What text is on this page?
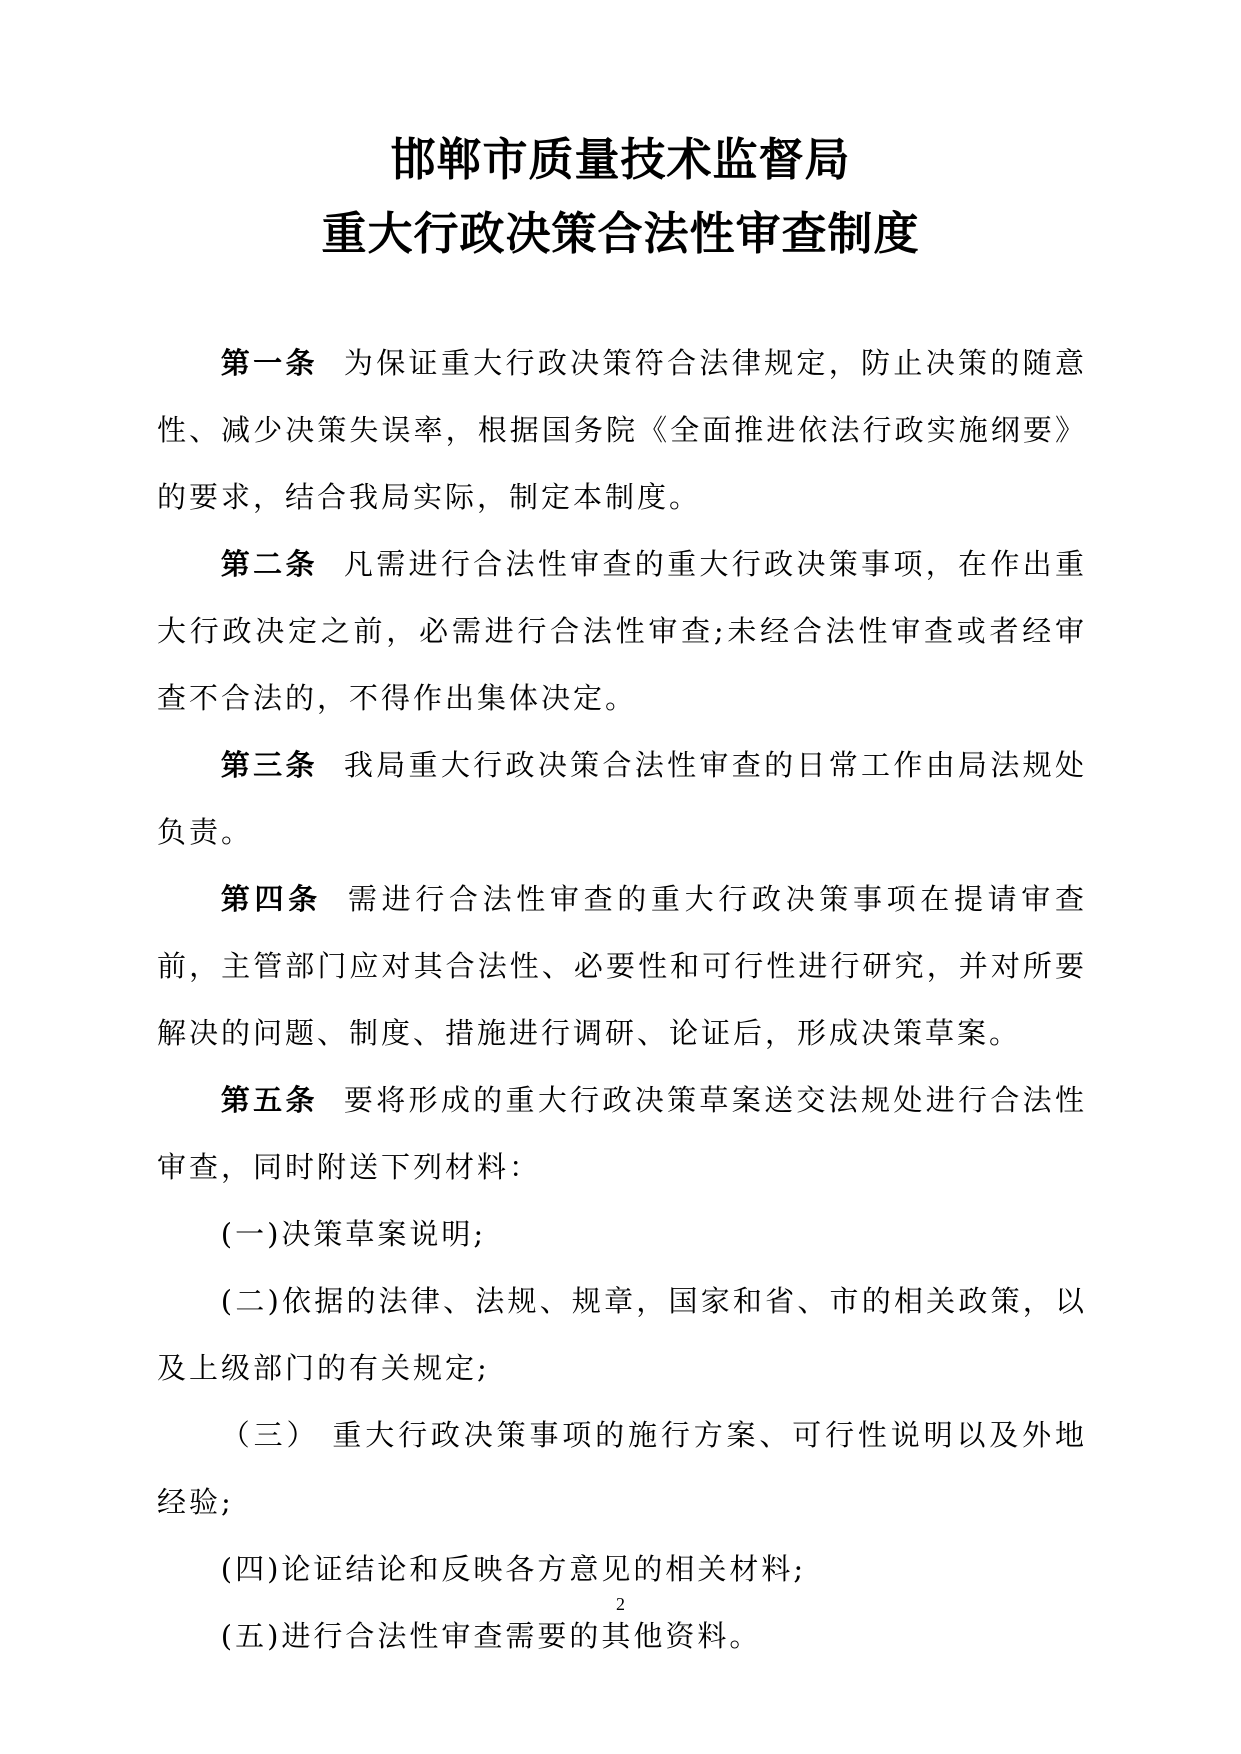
邯郸市质量技术监督局
重大行政决策合法性审查制度

第一条 为保证重大行政决策符合法律规定，防止决策的随意性、减少决策失误率，根据国务院《全面推进依法行政实施纲要》的要求，结合我局实际，制定本制度。

第二条 凡需进行合法性审查的重大行政决策事项，在作出重大行政决定之前，必需进行合法性审查;未经合法性审查或者经审查不合法的，不得作出集体决定。

第三条 我局重大行政决策合法性审查的日常工作由局法规处负责。

第四条 需进行合法性审查的重大行政决策事项在提请审查前，主管部门应对其合法性、必要性和可行性进行研究，并对所要解决的问题、制度、措施进行调研、论证后，形成决策草案。

第五条 要将形成的重大行政决策草案送交法规处进行合法性审查，同时附送下列材料：

(一)决策草案说明;

(二)依据的法律、法规、规章，国家和省、市的相关政策，以及上级部门的有关规定;

（三） 重大行政决策事项的施行方案、可行性说明以及外地经验;

(四)论证结论和反映各方意见的相关材料;

(五)进行合法性审查需要的其他资料。

2
